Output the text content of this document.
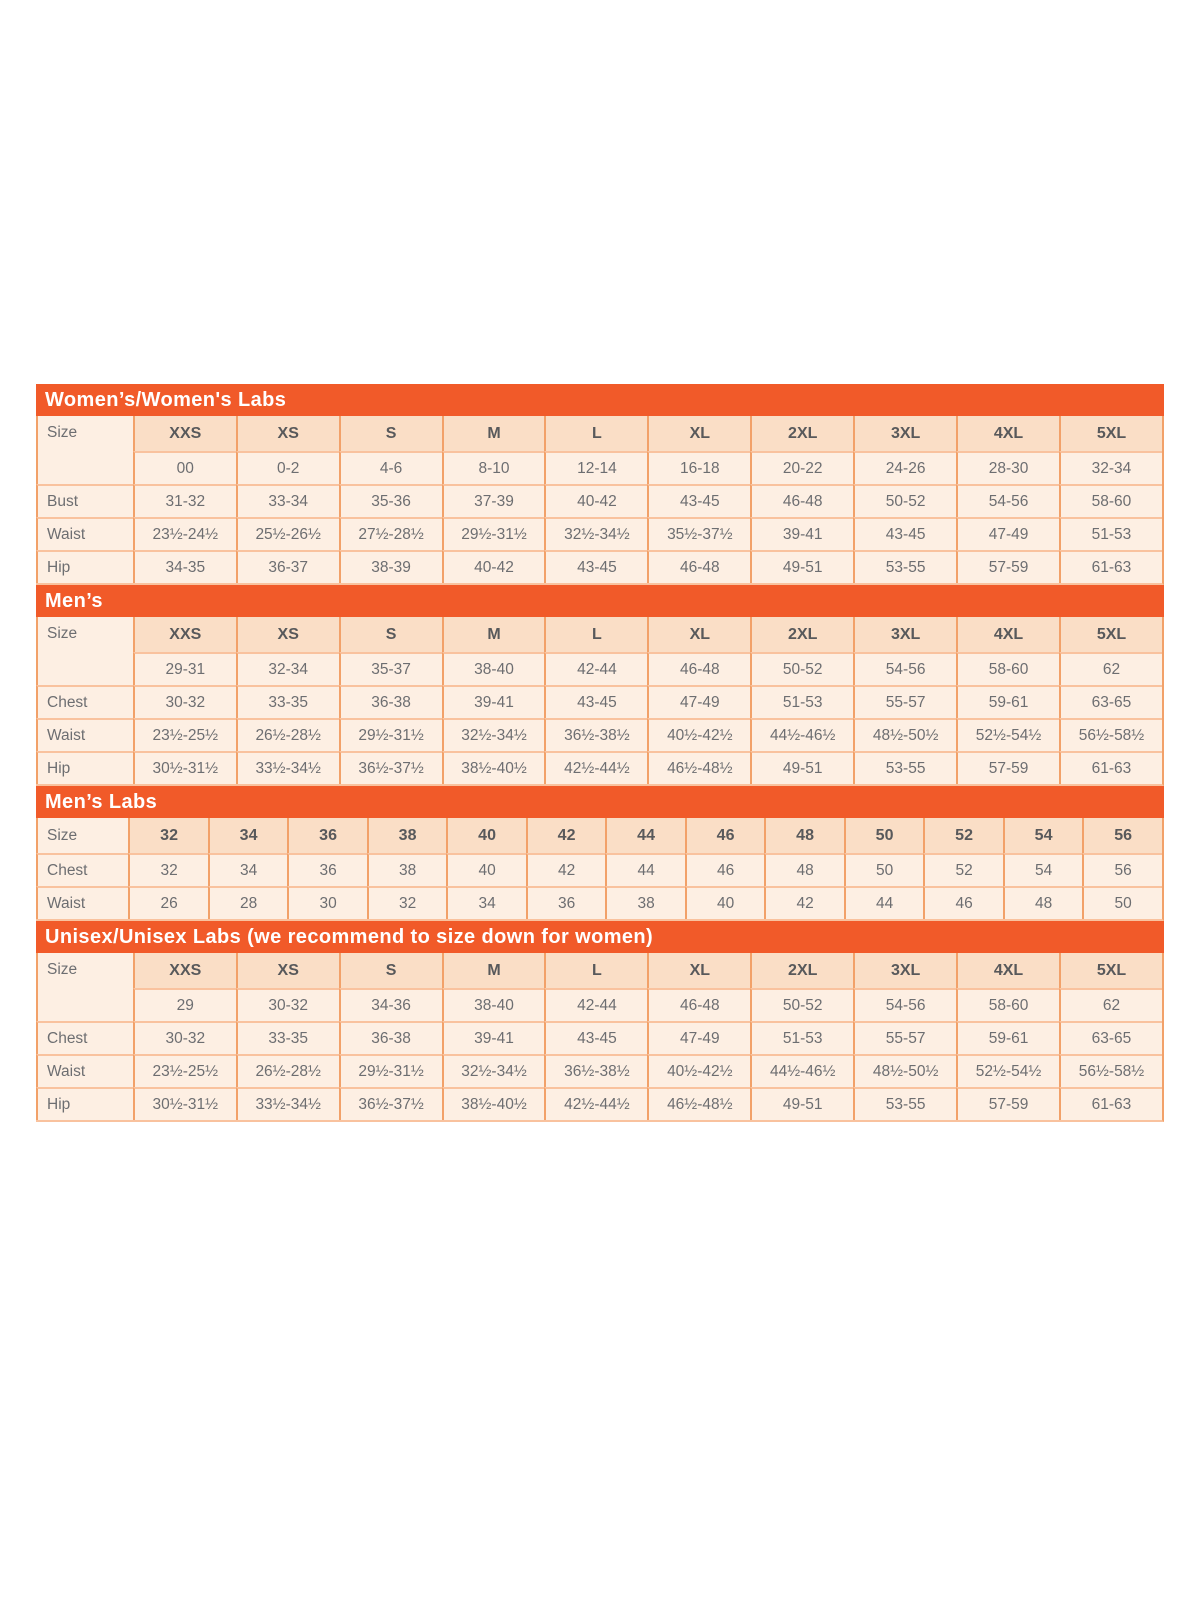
Women’s/Women's Labs
Size	XXS	XS	S	M	L	XL	2XL	3XL	4XL	5XL
	00	0-2	4-6	8-10	12-14	16-18	20-22	24-26	28-30	32-34
Bust	31-32	33-34	35-36	37-39	40-42	43-45	46-48	50-52	54-56	58-60
Waist	23½-24½	25½-26½	27½-28½	29½-31½	32½-34½	35½-37½	39-41	43-45	47-49	51-53
Hip	34-35	36-37	38-39	40-42	43-45	46-48	49-51	53-55	57-59	61-63
Men’s
Size	XXS	XS	S	M	L	XL	2XL	3XL	4XL	5XL
	29-31	32-34	35-37	38-40	42-44	46-48	50-52	54-56	58-60	62
Chest	30-32	33-35	36-38	39-41	43-45	47-49	51-53	55-57	59-61	63-65
Waist	23½-25½	26½-28½	29½-31½	32½-34½	36½-38½	40½-42½	44½-46½	48½-50½	52½-54½	56½-58½
Hip	30½-31½	33½-34½	36½-37½	38½-40½	42½-44½	46½-48½	49-51	53-55	57-59	61-63
Men’s Labs
Size	32	34	36	38	40	42	44	46	48	50	52	54	56
Chest	32	34	36	38	40	42	44	46	48	50	52	54	56
Waist	26	28	30	32	34	36	38	40	42	44	46	48	50
Unisex/Unisex Labs (we recommend to size down for women)
Size	XXS	XS	S	M	L	XL	2XL	3XL	4XL	5XL
	29	30-32	34-36	38-40	42-44	46-48	50-52	54-56	58-60	62
Chest	30-32	33-35	36-38	39-41	43-45	47-49	51-53	55-57	59-61	63-65
Waist	23½-25½	26½-28½	29½-31½	32½-34½	36½-38½	40½-42½	44½-46½	48½-50½	52½-54½	56½-58½
Hip	30½-31½	33½-34½	36½-37½	38½-40½	42½-44½	46½-48½	49-51	53-55	57-59	61-63
